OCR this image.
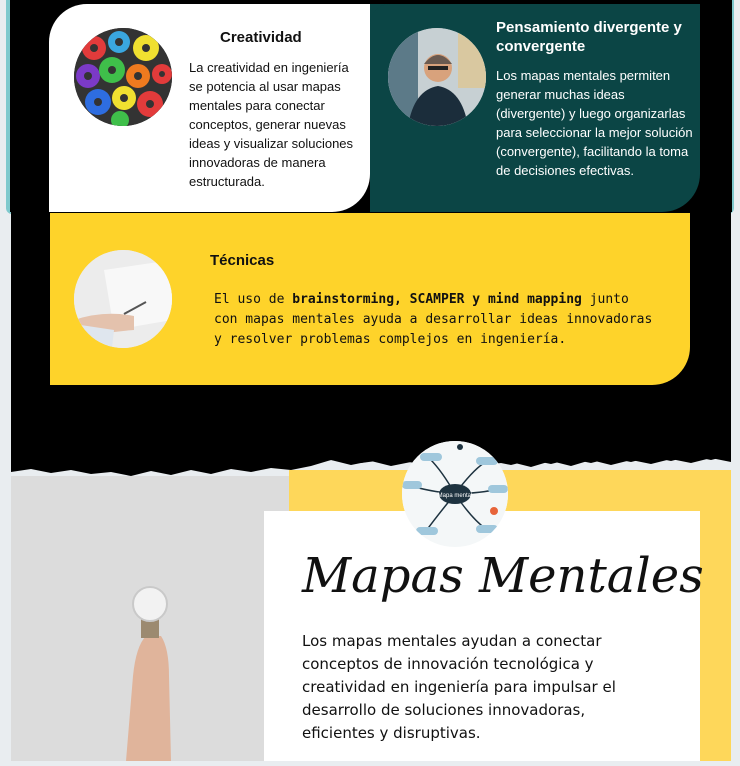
Creatividad
La creatividad en ingeniería se potencia al usar mapas mentales para conectar conceptos, generar nuevas ideas y visualizar soluciones innovadoras de manera estructurada.
Pensamiento divergente y convergente
Los mapas mentales permiten generar muchas ideas (divergente) y luego organizarlas para seleccionar la mejor solución (convergente), facilitando la toma de decisiones efectivas.
Técnicas
El uso de brainstorming, SCAMPER y mind mapping junto con mapas mentales ayuda a desarrollar ideas innovadoras y resolver problemas complejos en ingeniería.
Mapa mental
Mapas Mentales
Los mapas mentales ayudan a conectar conceptos de innovación tecnológica y creatividad en ingeniería para impulsar el desarrollo de soluciones innovadoras, eficientes y disruptivas.
